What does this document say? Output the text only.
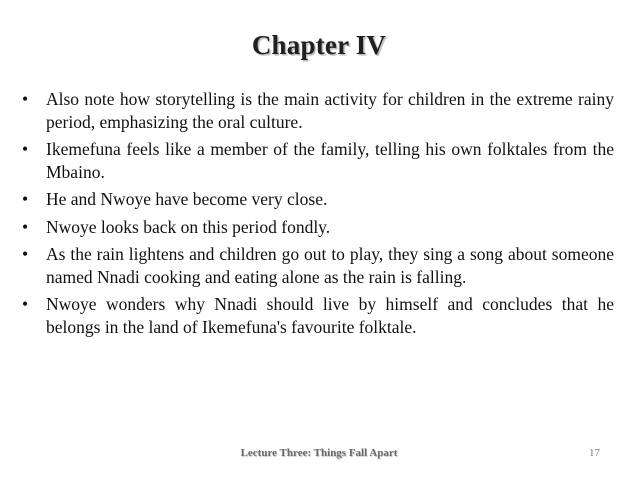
Chapter IV
•	Also note how storytelling is the main activity for children in the extreme rainy period, emphasizing the oral culture.
•	Ikemefuna feels like a member of the family, telling his own folktales from the Mbaino.
•	He and Nwoye have become very close.
•	Nwoye looks back on this period fondly.
•	As the rain lightens and children go out to play, they sing a song about someone named Nnadi cooking and eating alone as the rain is falling.
•	Nwoye wonders why Nnadi should live by himself and concludes that he belongs in the land of Ikemefuna's favourite folktale.
Lecture Three: Things Fall Apart	17
